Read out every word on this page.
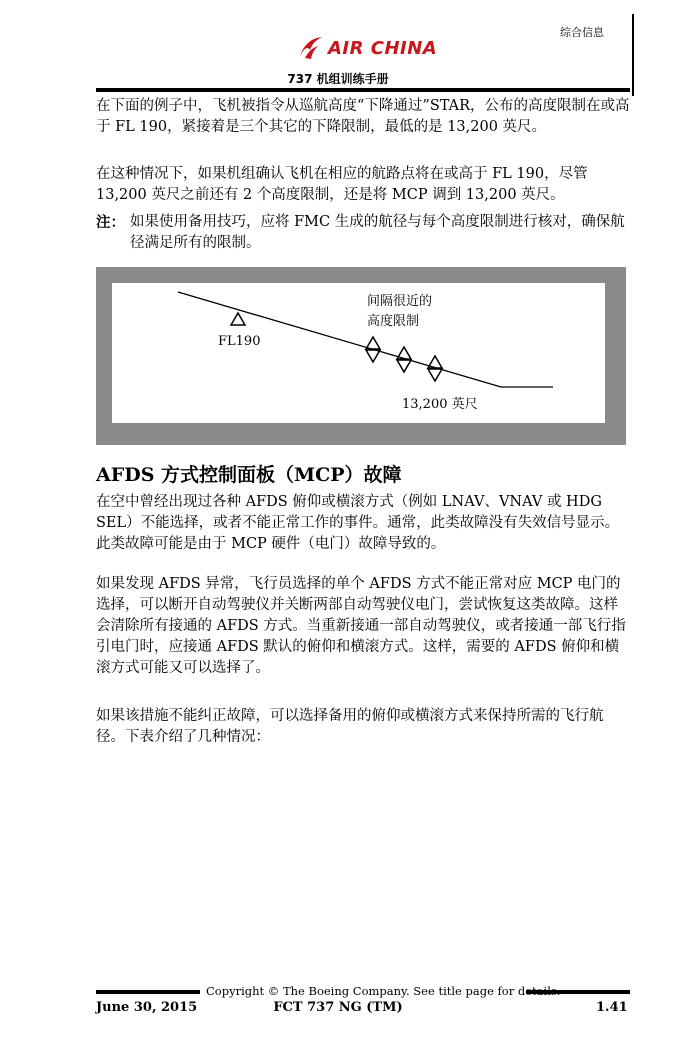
综合信息
AIR CHINA
737 机组训练手册
在下面的例子中，飞机被指令从巡航高度“下降通过”STAR，公布的高度限制在或高于 FL 190，紧接着是三个其它的下降限制，最低的是 13,200 英尺。
在这种情况下，如果机组确认飞机在相应的航路点将在或高于 FL 190，尽管 13,200 英尺之前还有 2 个高度限制，还是将 MCP 调到 13,200 英尺。
注： 如果使用备用技巧，应将 FMC 生成的航径与每个高度限制进行核对，确保航径满足所有的限制。
FL190
间隔很近的
高度限制
13,200 英尺
AFDS 方式控制面板（MCP）故障
在空中曾经出现过各种 AFDS 俯仰或横滚方式（例如 LNAV、VNAV 或 HDG SEL）不能选择，或者不能正常工作的事件。通常，此类故障没有失效信号显示。此类故障可能是由于 MCP 硬件（电门）故障导致的。
如果发现 AFDS 异常，飞行员选择的单个 AFDS 方式不能正常对应 MCP 电门的选择，可以断开自动驾驶仪并关断两部自动驾驶仪电门，尝试恢复这类故障。这样会清除所有接通的 AFDS 方式。当重新接通一部自动驾驶仪，或者接通一部飞行指引电门时，应接通 AFDS 默认的俯仰和横滚方式。这样，需要的 AFDS 俯仰和横滚方式可能又可以选择了。
如果该措施不能纠正故障，可以选择备用的俯仰或横滚方式来保持所需的飞行航径。下表介绍了几种情况：
Copyright © The Boeing Company. See title page for details.
June 30, 2015	FCT 737 NG (TM)	1.41
